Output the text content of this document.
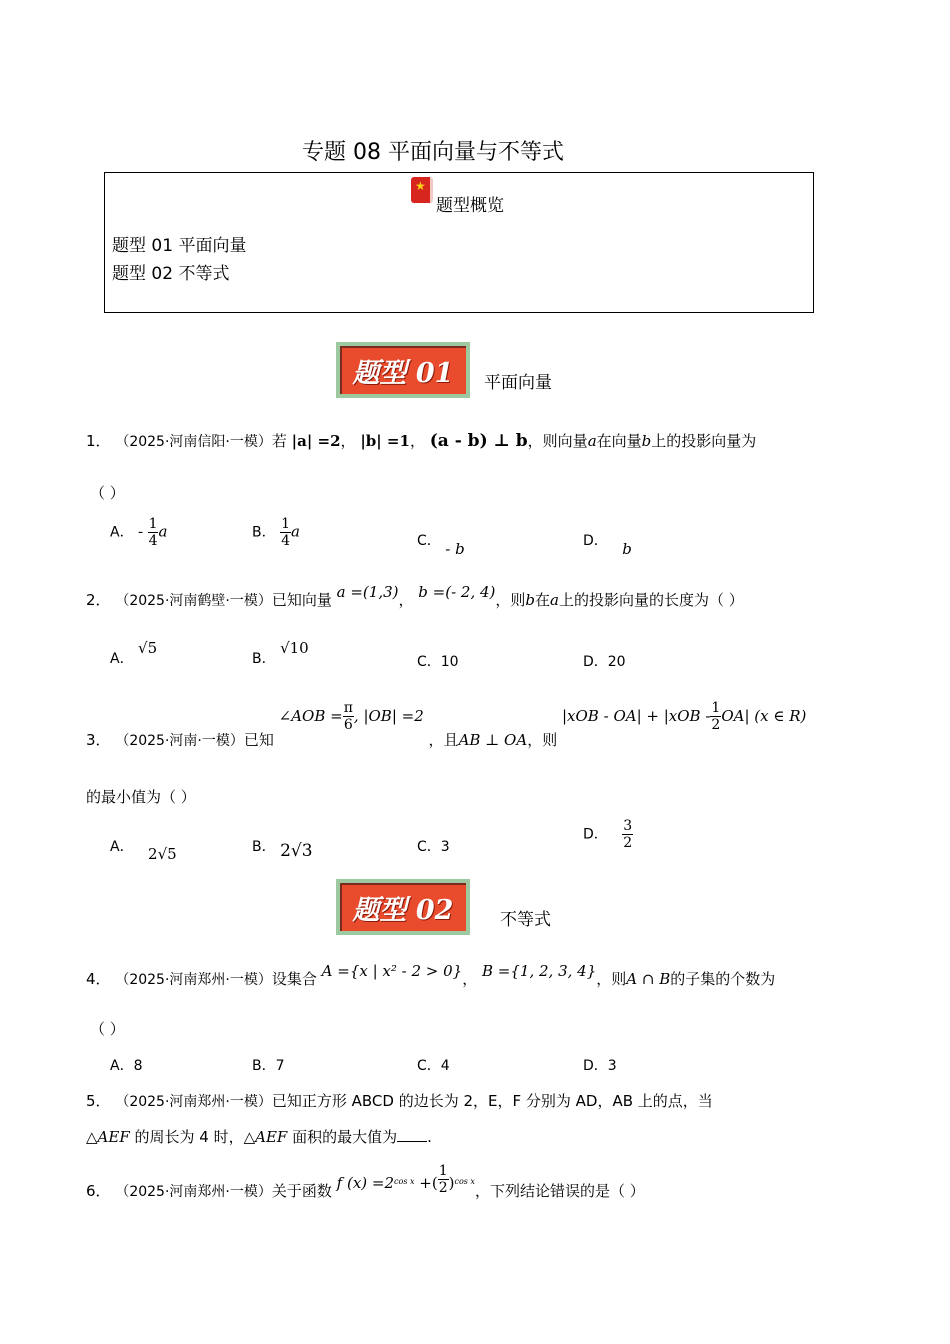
专题 08 平面向量与不等式
★
题型概览
题型 01 平面向量
题型 02 不等式
题型 01	平面向量
1． （2025·河南信阳·一模）若 |a| =2， |b| =1， (a - b) ⊥ b，则向量a在向量b上的投影向量为
（ ）
A． - $\frac{1}{4}$ a	B． $\frac{1}{4}$ a
C． - b	D． b
2． （2025·河南鹤壁·一模）已知向量 a =(1,3)， b =(- 2, 4)，则b在a上的投影向量的长度为（ ）
A． √5
B． √10
C．10	D．20
3． （2025·河南·一模）已知 ∠AOB = $\frac{\pi}{6}$ , |OB| =2 ，且AB ⊥ OA，则 $|xOB - OA| + |xOB - \frac{1}{2} OA|$ (x ∈ R)
的最小值为（ ）
A． 2√5	B． 2√3	C．3
D． $\frac{3}{2}$
题型 02	不等式
4． （2025·河南郑州·一模）设集合 A ={x | x² - 2 > 0}， B ={1, 2, 3, 4}，则A ∩ B的子集的个数为
（ ）
A．8	B．7	C．4	D．3
5． （2025·河南郑州·一模）已知正方形 ABCD 的边长为 2，E，F 分别为 AD，AB 上的点，当
△AEF 的周长为 4 时，△AEF 面积的最大值为 .
6． （2025·河南郑州·一模）关于函数 f $(x) =2^{cos x}$ +( $\frac{1}{2} )^{cos x}$，下列结论错误的是（ ）
